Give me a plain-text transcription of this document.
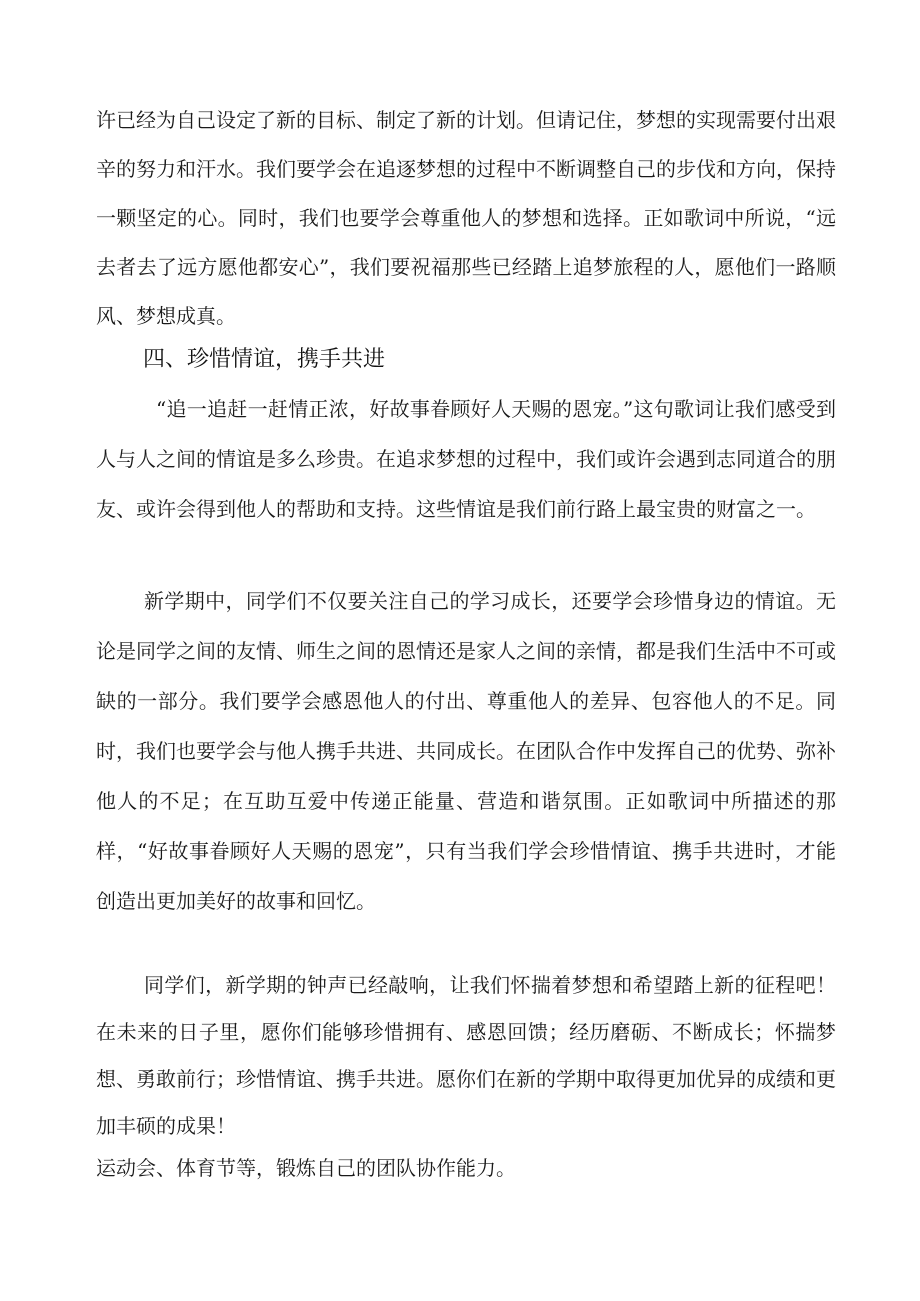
许已经为自己设定了新的目标、制定了新的计划。但请记住，梦想的实现需要付出艰辛的努力和汗水。我们要学会在追逐梦想的过程中不断调整自己的步伐和方向，保持一颗坚定的心。同时，我们也要学会尊重他人的梦想和选择。正如歌词中所说，“远去者去了远方愿他都安心”，我们要祝福那些已经踏上追梦旅程的人，愿他们一路顺风、梦想成真。
四、珍惜情谊，携手共进
“追一追赶一赶情正浓，好故事眷顾好人天赐的恩宠。”这句歌词让我们感受到人与人之间的情谊是多么珍贵。在追求梦想的过程中，我们或许会遇到志同道合的朋友、或许会得到他人的帮助和支持。这些情谊是我们前行路上最宝贵的财富之一。
新学期中，同学们不仅要关注自己的学习成长，还要学会珍惜身边的情谊。无论是同学之间的友情、师生之间的恩情还是家人之间的亲情，都是我们生活中不可或缺的一部分。我们要学会感恩他人的付出、尊重他人的差异、包容他人的不足。同时，我们也要学会与他人携手共进、共同成长。在团队合作中发挥自己的优势、弥补他人的不足；在互助互爱中传递正能量、营造和谐氛围。正如歌词中所描述的那样，“好故事眷顾好人天赐的恩宠”，只有当我们学会珍惜情谊、携手共进时，才能创造出更加美好的故事和回忆。
同学们，新学期的钟声已经敲响，让我们怀揣着梦想和希望踏上新的征程吧！在未来的日子里，愿你们能够珍惜拥有、感恩回馈；经历磨砺、不断成长；怀揣梦想、勇敢前行；珍惜情谊、携手共进。愿你们在新的学期中取得更加优异的成绩和更加丰硕的成果！
运动会、体育节等，锻炼自己的团队协作能力。
